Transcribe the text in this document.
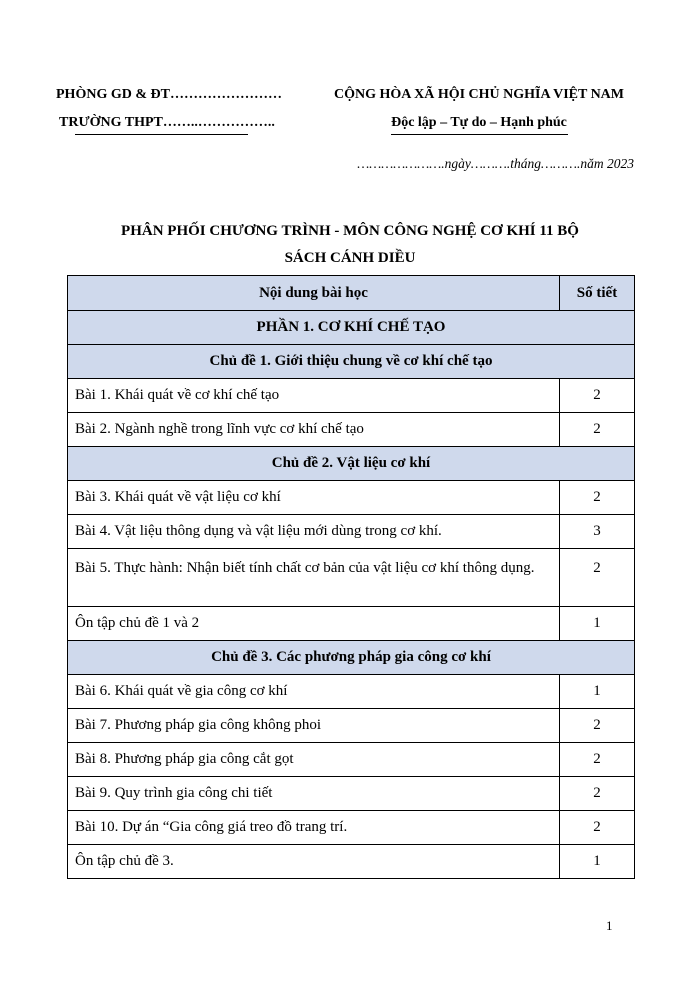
PHÒNG GD & ĐT……………………
TRƯỜNG THPT……..……………..
CỘNG HÒA XÃ HỘI CHỦ NGHĨA VIỆT NAM
Độc lập – Tự do – Hạnh phúc
………………….ngày……….tháng……….năm 2023
PHÂN PHỐI CHƯƠNG TRÌNH - MÔN CÔNG NGHỆ CƠ KHÍ 11 BỘ
SÁCH CÁNH DIỀU
Nội dung bài học	Số tiết
PHẦN 1. CƠ KHÍ CHẾ TẠO	
Chủ đề 1. Giới thiệu chung về cơ khí chế tạo	
Bài 1. Khái quát về cơ khí chế tạo	2
Bài 2. Ngành nghề trong lĩnh vực cơ khí chế tạo	2
Chủ đề 2. Vật liệu cơ khí	
Bài 3. Khái quát về vật liệu cơ khí	2
Bài 4. Vật liệu thông dụng và vật liệu mới dùng trong cơ khí.	3
Bài 5. Thực hành: Nhận biết tính chất cơ bản của vật liệu cơ khí thông dụng.	2
Ôn tập chủ đề 1 và 2	1
Chủ đề 3. Các phương pháp gia công cơ khí	
Bài 6. Khái quát về gia công cơ khí	1
Bài 7. Phương pháp gia công không phoi	2
Bài 8. Phương pháp gia công cắt gọt	2
Bài 9. Quy trình gia công chi tiết	2
Bài 10. Dự án “Gia công giá treo đồ trang trí.	2
Ôn tập chủ đề 3.	1
1
